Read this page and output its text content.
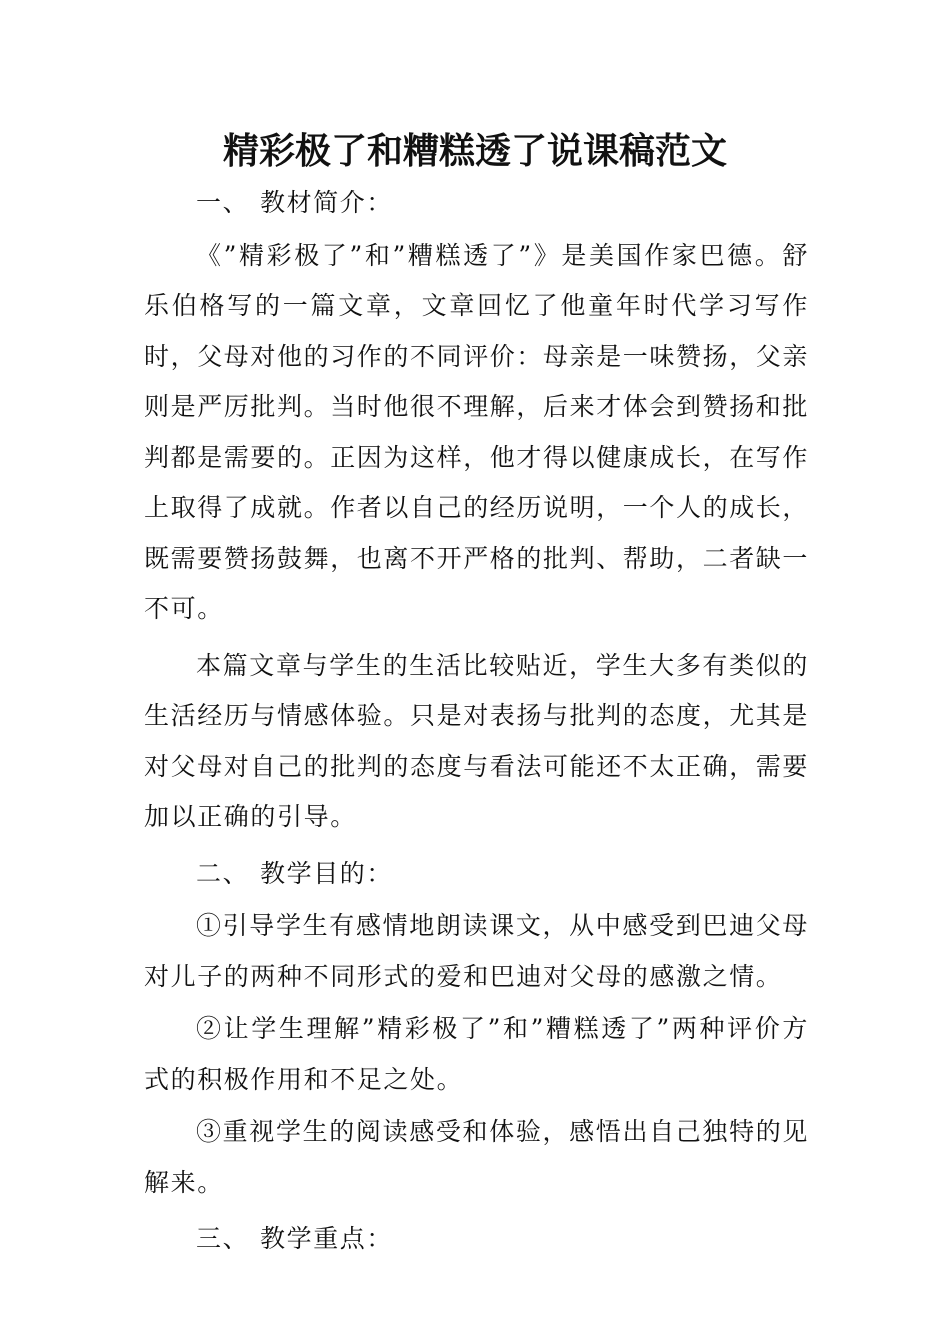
精彩极了和糟糕透了说课稿范文

一、 教材简介：

《”精彩极了”和”糟糕透了”》是美国作家巴德。舒乐伯格写的一篇文章，文章回忆了他童年时代学习写作时，父母对他的习作的不同评价：母亲是一味赞扬，父亲则是严厉批判。当时他很不理解，后来才体会到赞扬和批判都是需要的。正因为这样，他才得以健康成长，在写作上取得了成就。作者以自己的经历说明，一个人的成长，既需要赞扬鼓舞，也离不开严格的批判、帮助，二者缺一不可。

本篇文章与学生的生活比较贴近，学生大多有类似的生活经历与情感体验。只是对表扬与批判的态度，尤其是对父母对自己的批判的态度与看法可能还不太正确，需要加以正确的引导。

二、 教学目的：

①引导学生有感情地朗读课文，从中感受到巴迪父母对儿子的两种不同形式的爱和巴迪对父母的感激之情。

②让学生理解”精彩极了”和”糟糕透了”两种评价方式的积极作用和不足之处。

③重视学生的阅读感受和体验，感悟出自己独特的见解来。

三、 教学重点：
